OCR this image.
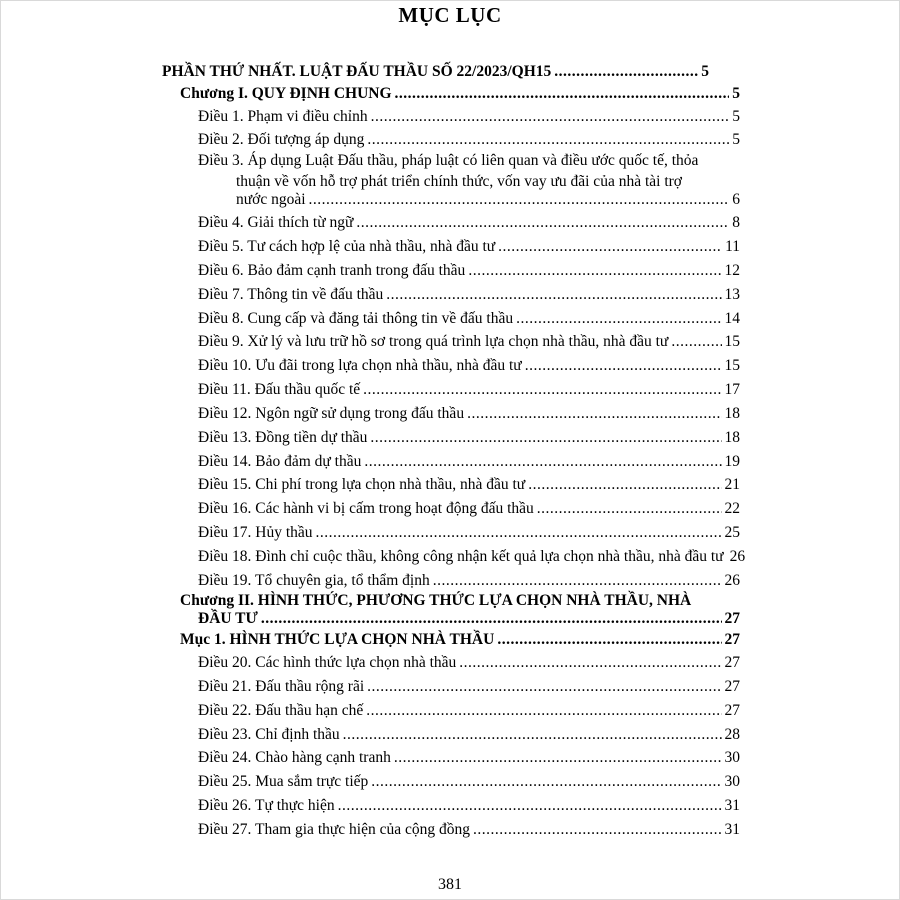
MỤC LỤC
PHẦN THỨ NHẤT. LUẬT ĐẤU THẦU SỐ 22/2023/QH15 .....	5
Chương I. QUY ĐỊNH CHUNG .....	5
Điều 1. Phạm vi điều chỉnh .....	5
Điều 2. Đối tượng áp dụng .....	5
Điều 3. Áp dụng Luật Đấu thầu, pháp luật có liên quan và điều ước quốc tế, thỏa
thuận về vốn hỗ trợ phát triển chính thức, vốn vay ưu đãi của nhà tài trợ
nước ngoài .....	6
Điều 4. Giải thích từ ngữ .....	8
Điều 5. Tư cách hợp lệ của nhà thầu, nhà đầu tư .....	11
Điều 6. Bảo đảm cạnh tranh trong đấu thầu .....	12
Điều 7. Thông tin về đấu thầu .....	13
Điều 8. Cung cấp và đăng tải thông tin về đấu thầu .....	14
Điều 9. Xử lý và lưu trữ hồ sơ trong quá trình lựa chọn nhà thầu, nhà đầu tư .....	15
Điều 10. Ưu đãi trong lựa chọn nhà thầu, nhà đầu tư .....	15
Điều 11. Đấu thầu quốc tế .....	17
Điều 12. Ngôn ngữ sử dụng trong đấu thầu .....	18
Điều 13. Đồng tiền dự thầu .....	18
Điều 14. Bảo đảm dự thầu .....	19
Điều 15. Chi phí trong lựa chọn nhà thầu, nhà đầu tư .....	21
Điều 16. Các hành vi bị cấm trong hoạt động đấu thầu .....	22
Điều 17. Hủy thầu .....	25
Điều 18. Đình chỉ cuộc thầu, không công nhận kết quả lựa chọn nhà thầu, nhà đầu tư 26
Điều 19. Tổ chuyên gia, tổ thẩm định .....	26
Chương II. HÌNH THỨC, PHƯƠNG THỨC LỰA CHỌN NHÀ THẦU, NHÀ
ĐẦU TƯ .....	27
Mục 1. HÌNH THỨC LỰA CHỌN NHÀ THẦU .....	27
Điều 20. Các hình thức lựa chọn nhà thầu .....	27
Điều 21. Đấu thầu rộng rãi .....	27
Điều 22. Đấu thầu hạn chế .....	27
Điều 23. Chỉ định thầu .....	28
Điều 24. Chào hàng cạnh tranh .....	30
Điều 25. Mua sắm trực tiếp .....	30
Điều 26. Tự thực hiện .....	31
Điều 27. Tham gia thực hiện của cộng đồng .....	31
381
